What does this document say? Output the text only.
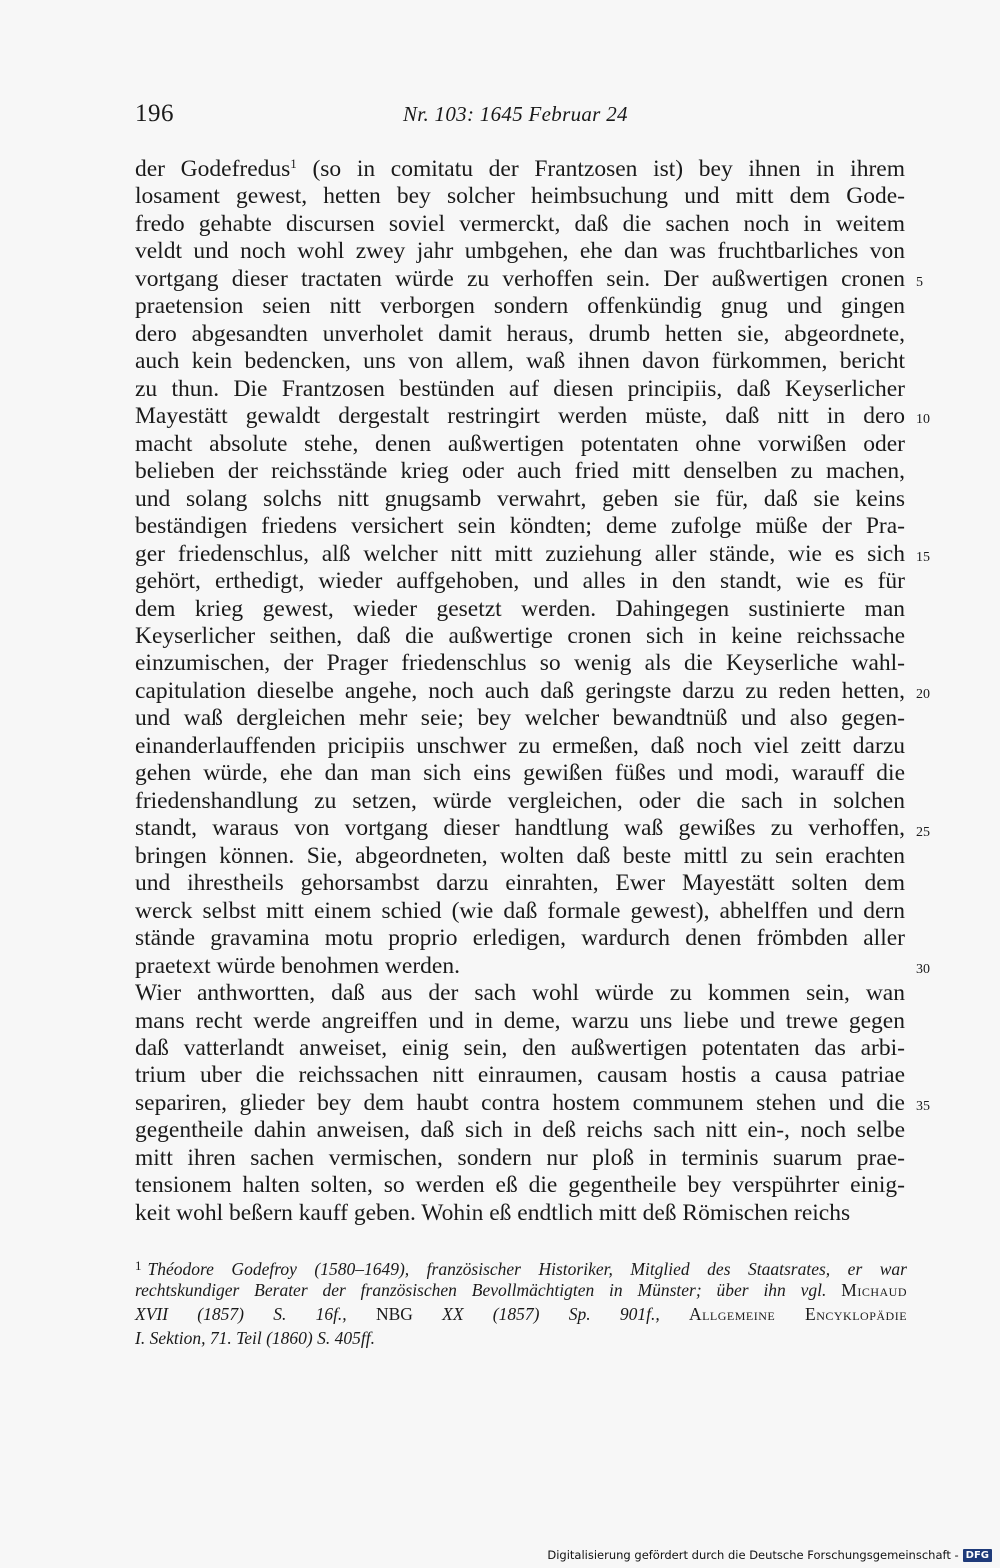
196	Nr. 103: 1645 Februar 24
der Godefredus$^1$ (so in comitatu der Frantzosen ist) bey ihnen in ihrem
losament gewest, hetten bey solcher heimbsuchung und mitt dem Gode-
fredo gehabte discursen soviel vermerckt, daß die sachen noch in weitem
veldt und noch wohl zwey jahr umbgehen, ehe dan was fruchtbarliches von
vortgang dieser tractaten würde zu verhoffen sein. Der außwertigen cronen
praetension seien nitt verborgen sondern offenkündig gnug und gingen
dero abgesandten unverholet damit heraus, drumb hetten sie, abgeordnete,
auch kein bedencken, uns von allem, waß ihnen davon fürkommen, bericht
zu thun. Die Frantzosen bestünden auf diesen principiis, daß Keyserlicher
Mayestätt gewaldt dergestalt restringirt werden müste, daß nitt in dero
macht absolute stehe, denen außwertigen potentaten ohne vorwißen oder
belieben der reichsstände krieg oder auch fried mitt denselben zu machen,
und solang solchs nitt gnugsamb verwahrt, geben sie für, daß sie keins
beständigen friedens versichert sein köndten; deme zufolge müße der Pra-
ger friedenschlus, alß welcher nitt mitt zuziehung aller stände, wie es sich
gehört, erthedigt, wieder auffgehoben, und alles in den standt, wie es für
dem krieg gewest, wieder gesetzt werden. Dahingegen sustinierte man
Keyserlicher seithen, daß die außwertige cronen sich in keine reichssache
einzumischen, der Prager friedenschlus so wenig als die Keyserliche wahl-
capitulation dieselbe angehe, noch auch daß geringste darzu zu reden hetten,
und waß dergleichen mehr seie; bey welcher bewandtnüß und also gegen-
einanderlauffenden pricipiis unschwer zu ermeßen, daß noch viel zeitt darzu
gehen würde, ehe dan man sich eins gewißen füßes und modi, warauff die
friedenshandlung zu setzen, würde vergleichen, oder die sach in solchen
standt, waraus von vortgang dieser handtlung waß gewißes zu verhoffen,
bringen können. Sie, abgeordneten, wolten daß beste mittl zu sein erachten
und ihrestheils gehorsambst darzu einrahten, Ewer Mayestätt solten dem
werck selbst mitt einem schied (wie daß formale gewest), abhelffen und dern
stände gravamina motu proprio erledigen, wardurch denen frömbden aller
praetext würde benohmen werden.
Wier anthwortten, daß aus der sach wohl würde zu kommen sein, wan
mans recht werde angreiffen und in deme, warzu uns liebe und trewe gegen
daß vatterlandt anweiset, einig sein, den außwertigen potentaten das arbi-
trium uber die reichssachen nitt einraumen, causam hostis a causa patriae
separiren, glieder bey dem haubt contra hostem communem stehen und die
gegentheile dahin anweisen, daß sich in deß reichs sach nitt ein-, noch selbe
mitt ihren sachen vermischen, sondern nur ploß in terminis suarum prae-
tensionem halten solten, so werden eß die gegentheile bey verspührter einig-
keit wohl beßern kauff geben. Wohin eß endtlich mitt deß Römischen reichs
5
10
15
20
25
30
35
$^1$ Théodore Godefroy (1580–1649), französischer Historiker, Mitglied des Staatsrates, er war
rechtskundiger Berater der französischen Bevollmächtigten in Münster; über ihn vgl. Michaud
XVII (1857) S. 16f., NBG XX (1857) Sp. 901f., Allgemeine Encyklopädie
I. Sektion, 71. Teil (1860) S. 405ff.
Digitalisierung gefördert durch die Deutsche Forschungsgemeinschaft - DFG
